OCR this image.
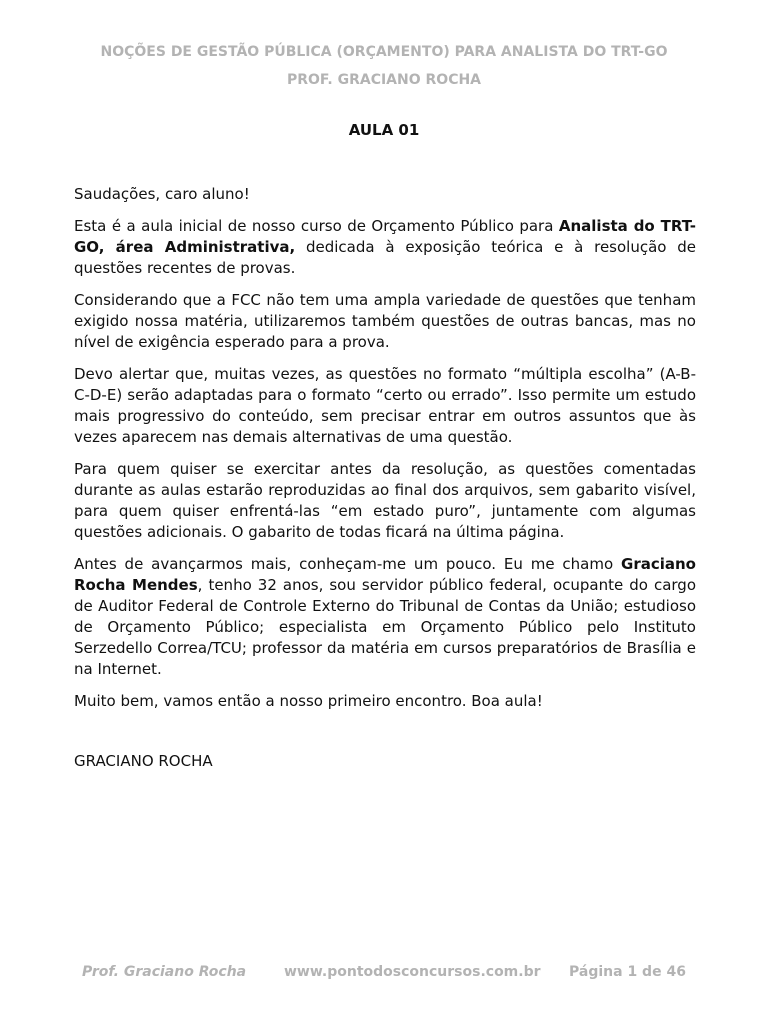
NOÇÕES DE GESTÃO PÚBLICA (ORÇAMENTO) PARA ANALISTA DO TRT-GO
PROF. GRACIANO ROCHA
AULA 01

Saudações, caro aluno!

Esta é a aula inicial de nosso curso de Orçamento Público para Analista do TRT-GO, área Administrativa, dedicada à exposição teórica e à resolução de questões recentes de provas.

Considerando que a FCC não tem uma ampla variedade de questões que tenham exigido nossa matéria, utilizaremos também questões de outras bancas, mas no nível de exigência esperado para a prova.

Devo alertar que, muitas vezes, as questões no formato “múltipla escolha” (A-B-C-D-E) serão adaptadas para o formato “certo ou errado”. Isso permite um estudo mais progressivo do conteúdo, sem precisar entrar em outros assuntos que às vezes aparecem nas demais alternativas de uma questão.

Para quem quiser se exercitar antes da resolução, as questões comentadas durante as aulas estarão reproduzidas ao final dos arquivos, sem gabarito visível, para quem quiser enfrentá-las “em estado puro”, juntamente com algumas questões adicionais. O gabarito de todas ficará na última página.

Antes de avançarmos mais, conheçam-me um pouco. Eu me chamo Graciano Rocha Mendes, tenho 32 anos, sou servidor público federal, ocupante do cargo de Auditor Federal de Controle Externo do Tribunal de Contas da União; estudioso de Orçamento Público; especialista em Orçamento Público pelo Instituto Serzedello Correa/TCU; professor da matéria em cursos preparatórios de Brasília e na Internet.

Muito bem, vamos então a nosso primeiro encontro. Boa aula!

GRACIANO ROCHA
Prof. Graciano Rocha	www.pontodosconcursos.com.br Página 1 de 46
